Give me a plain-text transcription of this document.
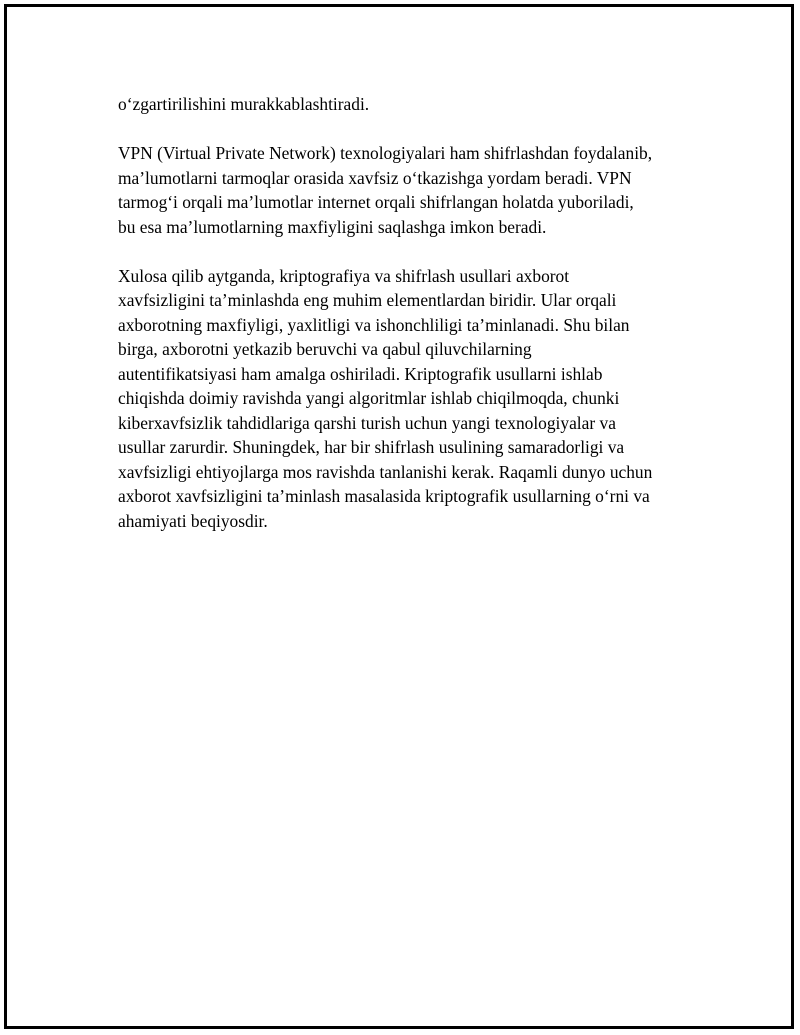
o‘zgartirilishini murakkablashtiradi.

VPN (Virtual Private Network) texnologiyalari ham shifrlashdan foydalanib,
ma’lumotlarni tarmoqlar orasida xavfsiz o‘tkazishga yordam beradi. VPN
tarmog‘i orqali ma’lumotlar internet orqali shifrlangan holatda yuboriladi,
bu esa ma’lumotlarning maxfiyligini saqlashga imkon beradi.

Xulosa qilib aytganda, kriptografiya va shifrlash usullari axborot
xavfsizligini ta’minlashda eng muhim elementlardan biridir. Ular orqali
axborotning maxfiyligi, yaxlitligi va ishonchliligi ta’minlanadi. Shu bilan
birga, axborotni yetkazib beruvchi va qabul qiluvchilarning
autentifikatsiyasi ham amalga oshiriladi. Kriptografik usullarni ishlab
chiqishda doimiy ravishda yangi algoritmlar ishlab chiqilmoqda, chunki
kiberxavfsizlik tahdidlariga qarshi turish uchun yangi texnologiyalar va
usullar zarurdir. Shuningdek, har bir shifrlash usulining samaradorligi va
xavfsizligi ehtiyojlarga mos ravishda tanlanishi kerak. Raqamli dunyo uchun
axborot xavfsizligini ta’minlash masalasida kriptografik usullarning o‘rni va
ahamiyati beqiyosdir.
